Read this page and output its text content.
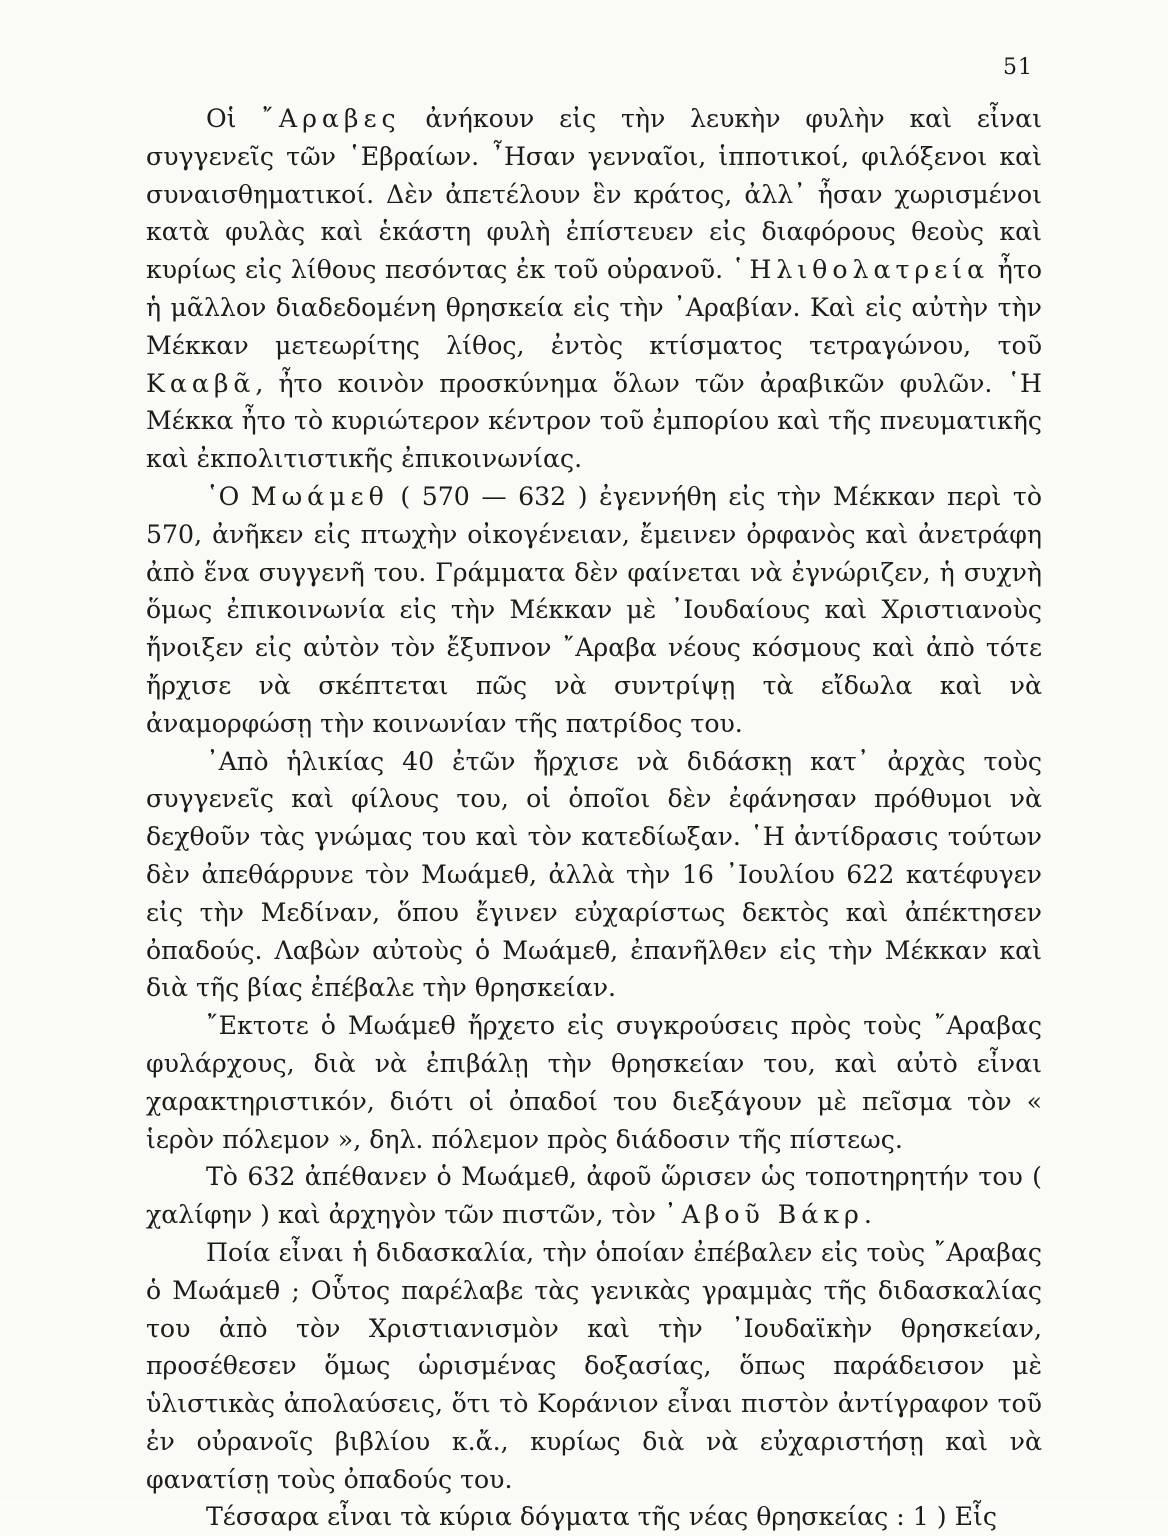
51

Οἱ ῎Αραβες ἀνήκουν εἰς τὴν λευκὴν φυλὴν καὶ εἶναι συγγενεῖς τῶν ῾Εβραίων. ῏Ησαν γενναῖοι, ἱπποτικοί, φιλόξενοι καὶ συναισθηματικοί. Δὲν ἀπετέλουν ἓν κράτος, ἀλλ᾽ ἦσαν χωρισμένοι κατὰ φυλὰς καὶ ἑκάστη φυλὴ ἐπίστευεν εἰς διαφόρους θεοὺς καὶ κυρίως εἰς λίθους πεσόντας ἐκ τοῦ οὐρανοῦ. ῾Ηλιθολατρεία ἦτο ἡ μᾶλλον διαδεδομένη θρησκεία εἰς τὴν ᾽Αραβίαν. Καὶ εἰς αὐτὴν τὴν Μέκκαν μετεωρίτης λίθος, ἐντὸς κτίσματος τετραγώνου, τοῦ Κααβᾶ, ἦτο κοινὸν προσκύνημα ὅλων τῶν ἀραβικῶν φυλῶν. ῾Η Μέκκα ἦτο τὸ κυριώτερον κέντρον τοῦ ἐμπορίου καὶ τῆς πνευματικῆς καὶ ἐκπολιτιστικῆς ἐπικοινωνίας.

῾Ο Μωάμεθ ( 570 — 632 ) ἐγεννήθη εἰς τὴν Μέκκαν περὶ τὸ 570, ἀνῆκεν εἰς πτωχὴν οἰκογένειαν, ἔμεινεν ὀρφανὸς καὶ ἀνετράφη ἀπὸ ἕνα συγγενῆ του. Γράμματα δὲν φαίνεται νὰ ἐγνώριζεν, ἡ συχνὴ ὅμως ἐπικοινωνία εἰς τὴν Μέκκαν μὲ ᾽Ιουδαίους καὶ Χριστιανοὺς ἤνοιξεν εἰς αὐτὸν τὸν ἔξυπνον ῎Αραβα νέους κόσμους καὶ ἀπὸ τότε ἤρχισε νὰ σκέπτεται πῶς νὰ συντρίψῃ τὰ εἴδωλα καὶ νὰ ἀναμορφώσῃ τὴν κοινωνίαν τῆς πατρίδος του.

᾽Απὸ ἡλικίας 40 ἐτῶν ἤρχισε νὰ διδάσκῃ κατ᾽ ἀρχὰς τοὺς συγγενεῖς καὶ φίλους του, οἱ ὁποῖοι δὲν ἐφάνησαν πρόθυμοι νὰ δεχθοῦν τὰς γνώμας του καὶ τὸν κατεδίωξαν. ῾Η ἀντίδρασις τούτων δὲν ἀπεθάρρυνε τὸν Μωάμεθ, ἀλλὰ τὴν 16 ᾽Ιουλίου 622 κατέφυγεν εἰς τὴν Μεδίναν, ὅπου ἔγινεν εὐχαρίστως δεκτὸς καὶ ἀπέκτησεν ὀπαδούς. Λαβὼν αὐτοὺς ὁ Μωάμεθ, ἐπανῆλθεν εἰς τὴν Μέκκαν καὶ διὰ τῆς βίας ἐπέβαλε τὴν θρησκείαν.

῎Εκτοτε ὁ Μωάμεθ ἤρχετο εἰς συγκρούσεις πρὸς τοὺς ῎Αραβας φυλάρχους, διὰ νὰ ἐπιβάλῃ τὴν θρησκείαν του, καὶ αὐτὸ εἶναι χαρακτηριστικόν, διότι οἱ ὀπαδοί του διεξάγουν μὲ πεῖσμα τὸν « ἱερὸν πόλεμον », δηλ. πόλεμον πρὸς διάδοσιν τῆς πίστεως.

Τὸ 632 ἀπέθανεν ὁ Μωάμεθ, ἀφοῦ ὥρισεν ὡς τοποτηρητήν του ( χαλίφην ) καὶ ἀρχηγὸν τῶν πιστῶν, τὸν ᾽Αβοῦ Βάκρ.

Ποία εἶναι ἡ διδασκαλία, τὴν ὁποίαν ἐπέβαλεν εἰς τοὺς ῎Αραβας ὁ Μωάμεθ ; Οὗτος παρέλαβε τὰς γενικὰς γραμμὰς τῆς διδασκαλίας του ἀπὸ τὸν Χριστιανισμὸν καὶ τὴν ᾽Ιουδαϊκὴν θρησκείαν, προσέθεσεν ὅμως ὡρισμένας δοξασίας, ὅπως παράδεισον μὲ ὑλιστικὰς ἀπολαύσεις, ὅτι τὸ Κοράνιον εἶναι πιστὸν ἀντίγραφον τοῦ ἐν οὐρανοῖς βιβλίου κ.ἄ., κυρίως διὰ νὰ εὐχαριστήσῃ καὶ νὰ φανατίσῃ τοὺς ὀπαδούς του.

Τέσσαρα εἶναι τὰ κύρια δόγματα τῆς νέας θρησκείας : 1 ) Εἷς
